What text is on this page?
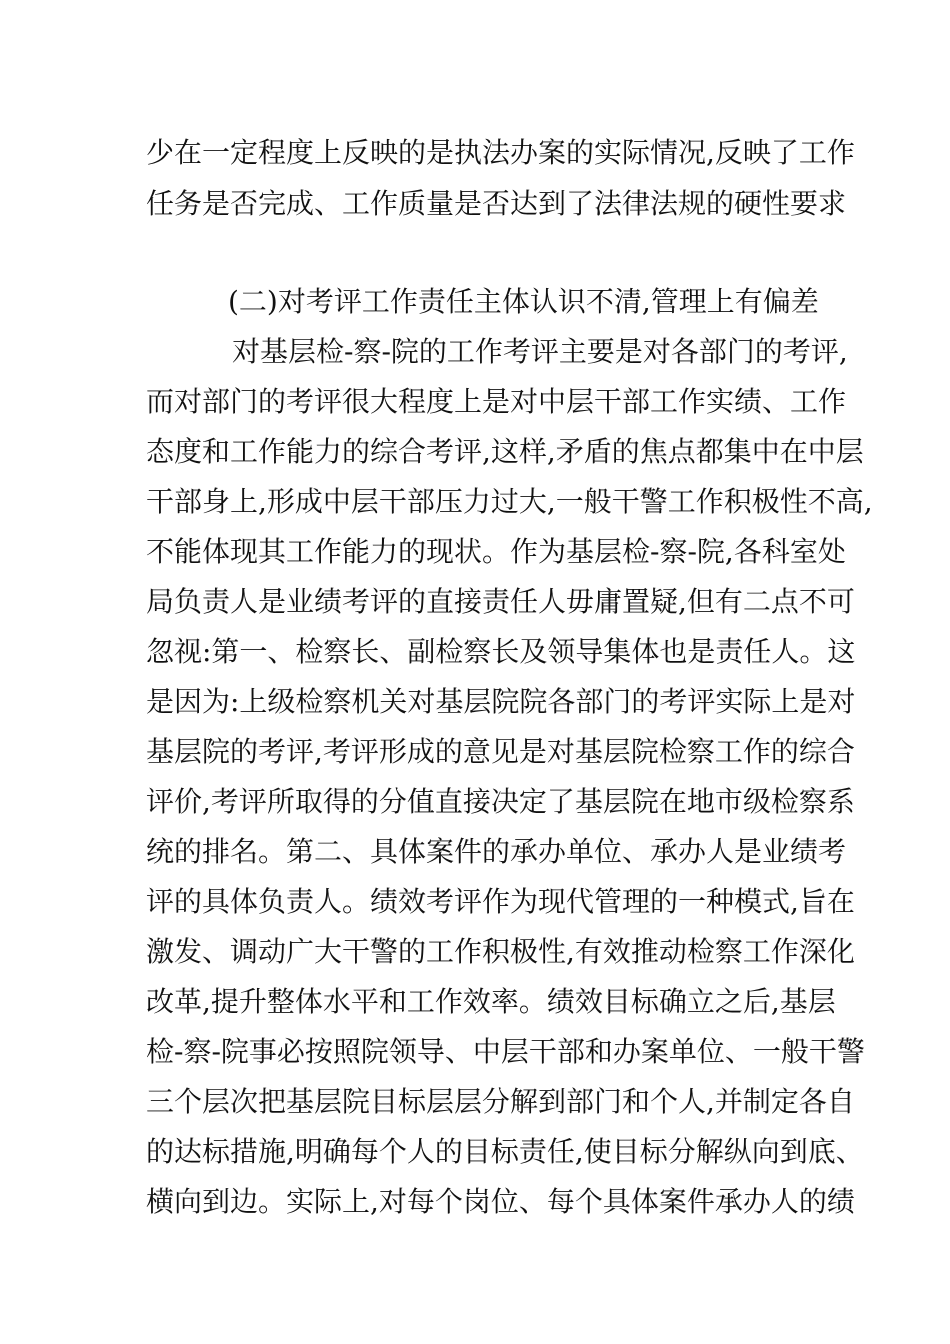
少在一定程度上反映的是执法办案的实际情况,反映了工作
任务是否完成、工作质量是否达到了法律法规的硬性要求
(二)对考评工作责任主体认识不清,管理上有偏差
对基层检-察-院的工作考评主要是对各部门的考评,
而对部门的考评很大程度上是对中层干部工作实绩、工作
态度和工作能力的综合考评,这样,矛盾的焦点都集中在中层
干部身上,形成中层干部压力过大,一般干警工作积极性不高,
不能体现其工作能力的现状。作为基层检-察-院,各科室处
局负责人是业绩考评的直接责任人毋庸置疑,但有二点不可
忽视:第一、检察长、副检察长及领导集体也是责任人。这
是因为:上级检察机关对基层院院各部门的考评实际上是对
基层院的考评,考评形成的意见是对基层院检察工作的综合
评价,考评所取得的分值直接决定了基层院在地市级检察系
统的排名。第二、具体案件的承办单位、承办人是业绩考
评的具体负责人。绩效考评作为现代管理的一种模式,旨在
激发、调动广大干警的工作积极性,有效推动检察工作深化
改革,提升整体水平和工作效率。绩效目标确立之后,基层
检-察-院事必按照院领导、中层干部和办案单位、一般干警
三个层次把基层院目标层层分解到部门和个人,并制定各自
的达标措施,明确每个人的目标责任,使目标分解纵向到底、
横向到边。实际上,对每个岗位、每个具体案件承办人的绩
